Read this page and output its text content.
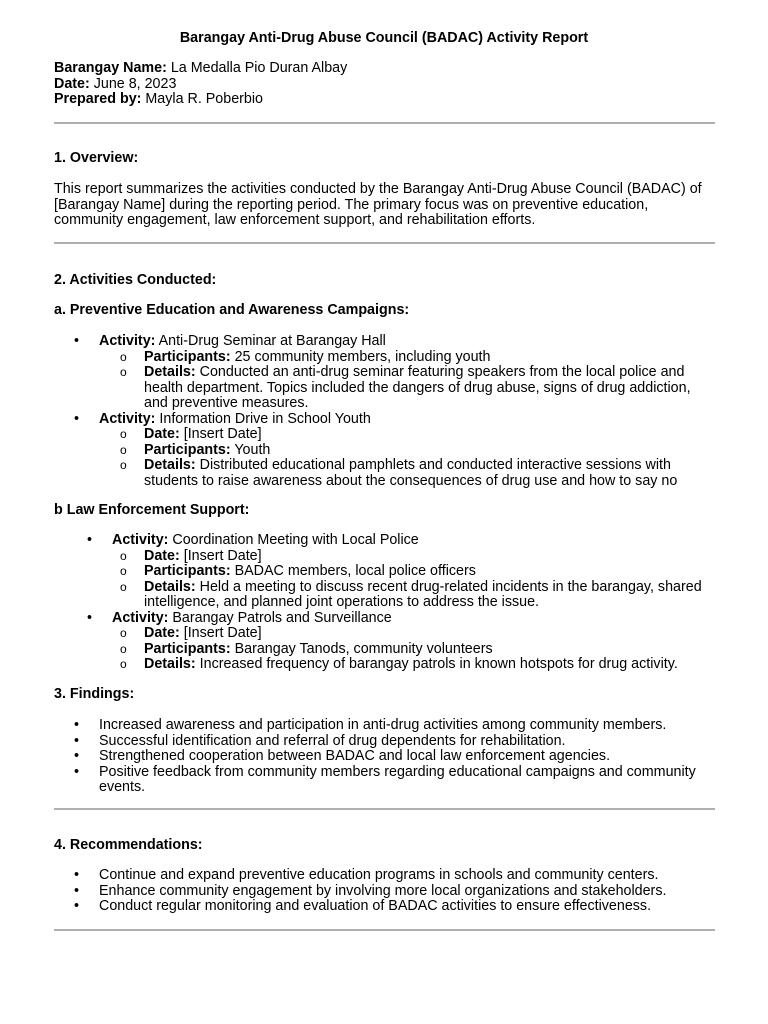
Barangay Anti-Drug Abuse Council (BADAC) Activity Report
Barangay Name: La Medalla Pio Duran Albay
Date: June 8, 2023
Prepared by: Mayla R. Poberbio
1. Overview:
This report summarizes the activities conducted by the Barangay Anti-Drug Abuse Council (BADAC) of [Barangay Name] during the reporting period. The primary focus was on preventive education, community engagement, law enforcement support, and rehabilitation efforts.
2. Activities Conducted:
a. Preventive Education and Awareness Campaigns:
• Activity: Anti-Drug Seminar at Barangay Hall
o Participants: 25 community members, including youth
o Details: Conducted an anti-drug seminar featuring speakers from the local police and health department. Topics included the dangers of drug abuse, signs of drug addiction, and preventive measures.
• Activity: Information Drive in School Youth
o Date: [Insert Date]
o Participants: Youth
o Details: Distributed educational pamphlets and conducted interactive sessions with students to raise awareness about the consequences of drug use and how to say no
b Law Enforcement Support:
• Activity: Coordination Meeting with Local Police
o Date: [Insert Date]
o Participants: BADAC members, local police officers
o Details: Held a meeting to discuss recent drug-related incidents in the barangay, shared intelligence, and planned joint operations to address the issue.
• Activity: Barangay Patrols and Surveillance
o Date: [Insert Date]
o Participants: Barangay Tanods, community volunteers
o Details: Increased frequency of barangay patrols in known hotspots for drug activity.
3. Findings:
• Increased awareness and participation in anti-drug activities among community members.
• Successful identification and referral of drug dependents for rehabilitation.
• Strengthened cooperation between BADAC and local law enforcement agencies.
• Positive feedback from community members regarding educational campaigns and community events.
4. Recommendations:
• Continue and expand preventive education programs in schools and community centers.
• Enhance community engagement by involving more local organizations and stakeholders.
• Conduct regular monitoring and evaluation of BADAC activities to ensure effectiveness.
